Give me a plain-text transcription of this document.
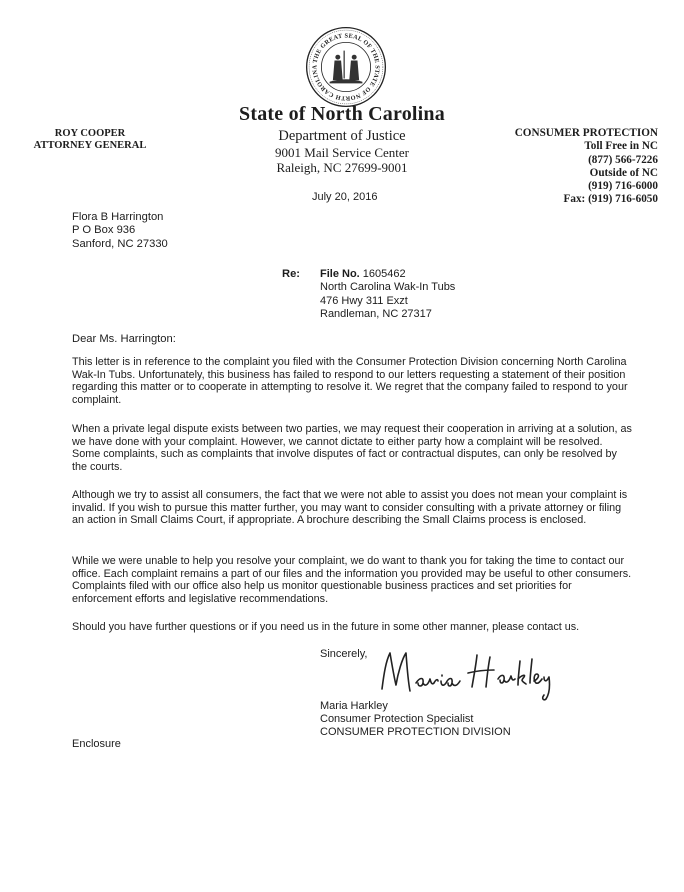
THE GREAT SEAL OF THE STATE OF NORTH CAROLINA
State of North Carolina
ROY COOPER
ATTORNEY GENERAL
Department of Justice
9001 Mail Service Center
Raleigh, NC 27699-9001
CONSUMER PROTECTION
Toll Free in NC
(877) 566-7226
Outside of NC
(919) 716-6000
Fax: (919) 716-6050
July 20, 2016
Flora B Harrington
P O Box 936
Sanford, NC 27330
Re: File No. 1605462
North Carolina Wak-In Tubs
476 Hwy 311 Exzt
Randleman, NC 27317
Dear Ms. Harrington:

This letter is in reference to the complaint you filed with the Consumer Protection Division concerning North Carolina Wak-In Tubs. Unfortunately, this business has failed to respond to our letters requesting a statement of their position regarding this matter or to cooperate in attempting to resolve it. We regret that the company failed to respond to your complaint.

When a private legal dispute exists between two parties, we may request their cooperation in arriving at a solution, as we have done with your complaint. However, we cannot dictate to either party how a complaint will be resolved. Some complaints, such as complaints that involve disputes of fact or contractual disputes, can only be resolved by the courts.

Although we try to assist all consumers, the fact that we were not able to assist you does not mean your complaint is invalid. If you wish to pursue this matter further, you may want to consider consulting with a private attorney or filing an action in Small Claims Court, if appropriate. A brochure describing the Small Claims process is enclosed.

While we were unable to help you resolve your complaint, we do want to thank you for taking the time to contact our office. Each complaint remains a part of our files and the information you provided may be useful to other consumers. Complaints filed with our office also help us monitor questionable business practices and set priorities for enforcement efforts and legislative recommendations.

Should you have further questions or if you need us in the future in some other manner, please contact us.

Sincerely,
Maria Harkley
Consumer Protection Specialist
CONSUMER PROTECTION DIVISION
Enclosure
